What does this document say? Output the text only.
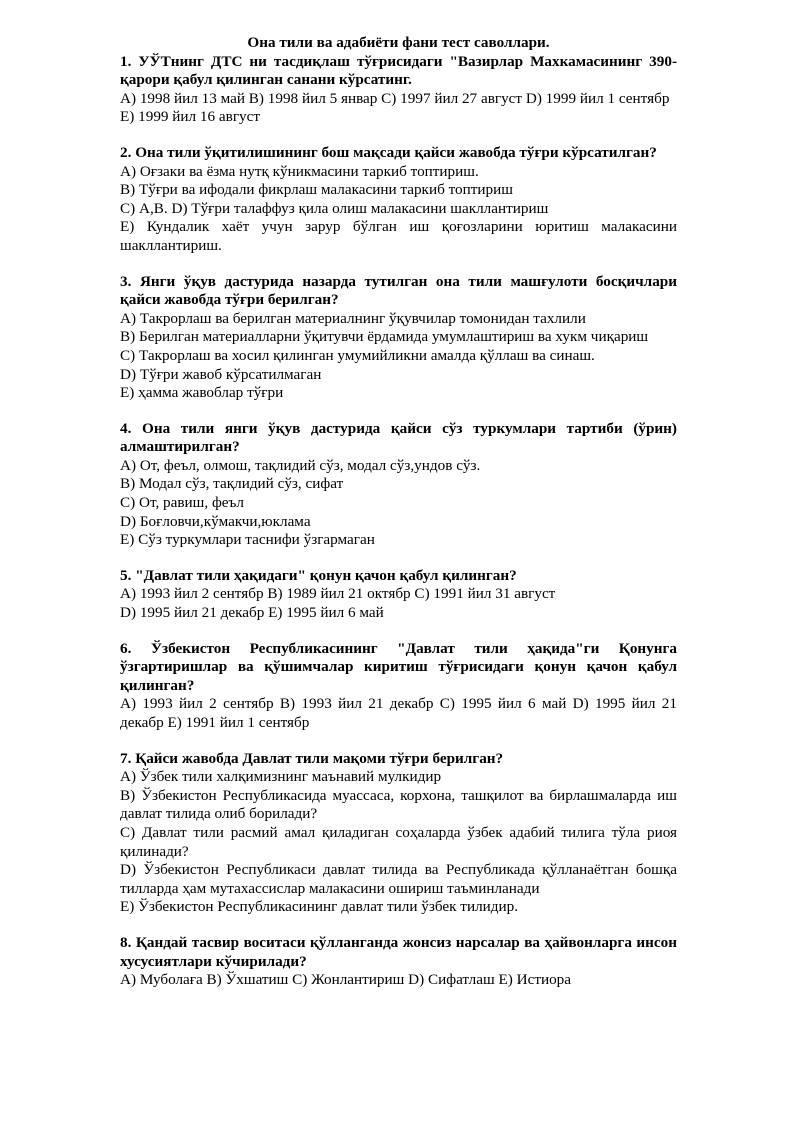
Она тили ва адабиёти фани тест саволлари.

1. УЎТнинг ДТС ни тасдиқлаш тўғрисидаги "Вазирлар Махкамасининг 390- қарори қабул қилинган санани кўрсатинг.

А) 1998 йил 13 май В) 1998 йил 5 январ С) 1997 йил 27 август D) 1999 йил 1 сентябр

Е) 1999 йил 16 август

2. Она тили ўқитилишининг бош мақсади қайси жавобда тўғри кўрсатилган?

А) Оғзаки ва ёзма нутқ кўникмасини таркиб топтириш.

В) Тўғри ва ифодали фикрлаш малакасини таркиб топтириш

С) А,В. D) Тўғри талаффуз қила олиш малакасини шакллантириш

Е) Кундалик хаёт учун зарур бўлган иш қоғозларини юритиш малакасини шакллантириш.

3. Янги ўқув дастурида назарда тутилган она тили машғулоти босқичлари қайси жавобда тўғри берилган?

А) Такрорлаш ва берилган материалнинг ўқувчилар томонидан тахлили

В) Берилган материалларни ўқитувчи ёрдамида умумлаштириш ва хукм чиқариш

С) Такрорлаш ва хосил қилинган умумийликни амалда қўллаш ва синаш.

D) Тўғри жавоб кўрсатилмаган

Е) ҳамма жавоблар тўғри

4. Она тили янги ўқув дастурида қайси сўз туркумлари тартиби (ўрин) алмаштирилган?

А) От, феъл, олмош, тақлидий сўз, модал сўз,ундов сўз.

В) Модал сўз, тақлидий сўз, сифат

С) От, равиш, феъл

D) Боғловчи,кўмакчи,юклама

Е) Сўз туркумлари таснифи ўзгармаган

5. "Давлат тили ҳақидаги" қонун қачон қабул қилинган?

А) 1993 йил 2 сентябр В) 1989 йил 21 октябр С) 1991 йил 31 август

D) 1995 йил 21 декабр Е) 1995 йил 6 май

6. Ўзбекистон Республикасининг "Давлат тили ҳақида"ги Қонунга ўзгартиришлар ва қўшимчалар киритиш тўғрисидаги қонун қачон қабул қилинган?

А) 1993 йил 2 сентябр В) 1993 йил 21 декабр С) 1995 йил 6 май D) 1995 йил 21 декабр Е) 1991 йил 1 сентябр

7. Қайси жавобда Давлат тили мақоми тўғри берилган?

А) Ўзбек тили халқимизнинг маънавий мулкидир

В) Ўзбекистон Республикасида муассаса, корхона, ташқилот ва бирлашмаларда иш давлат тилида олиб борилади?

С) Давлат тили расмий амал қиладиган соҳаларда ўзбек адабий тилига тўла риоя қилинади?

D) Ўзбекистон Республикаси давлат тилида ва Республикада қўлланаётган бошқа тилларда ҳам мутахассислар малакасини ошириш таъминланади

Е) Ўзбекистон Республикасининг давлат тили ўзбек тилидир.

8. Қандай тасвир воситаси қўлланганда жонсиз нарсалар ва ҳайвонларга инсон хусусиятлари кўчирилади?

А) Муболаға В) Ўхшатиш С) Жонлантириш D) Сифатлаш Е) Истиора
